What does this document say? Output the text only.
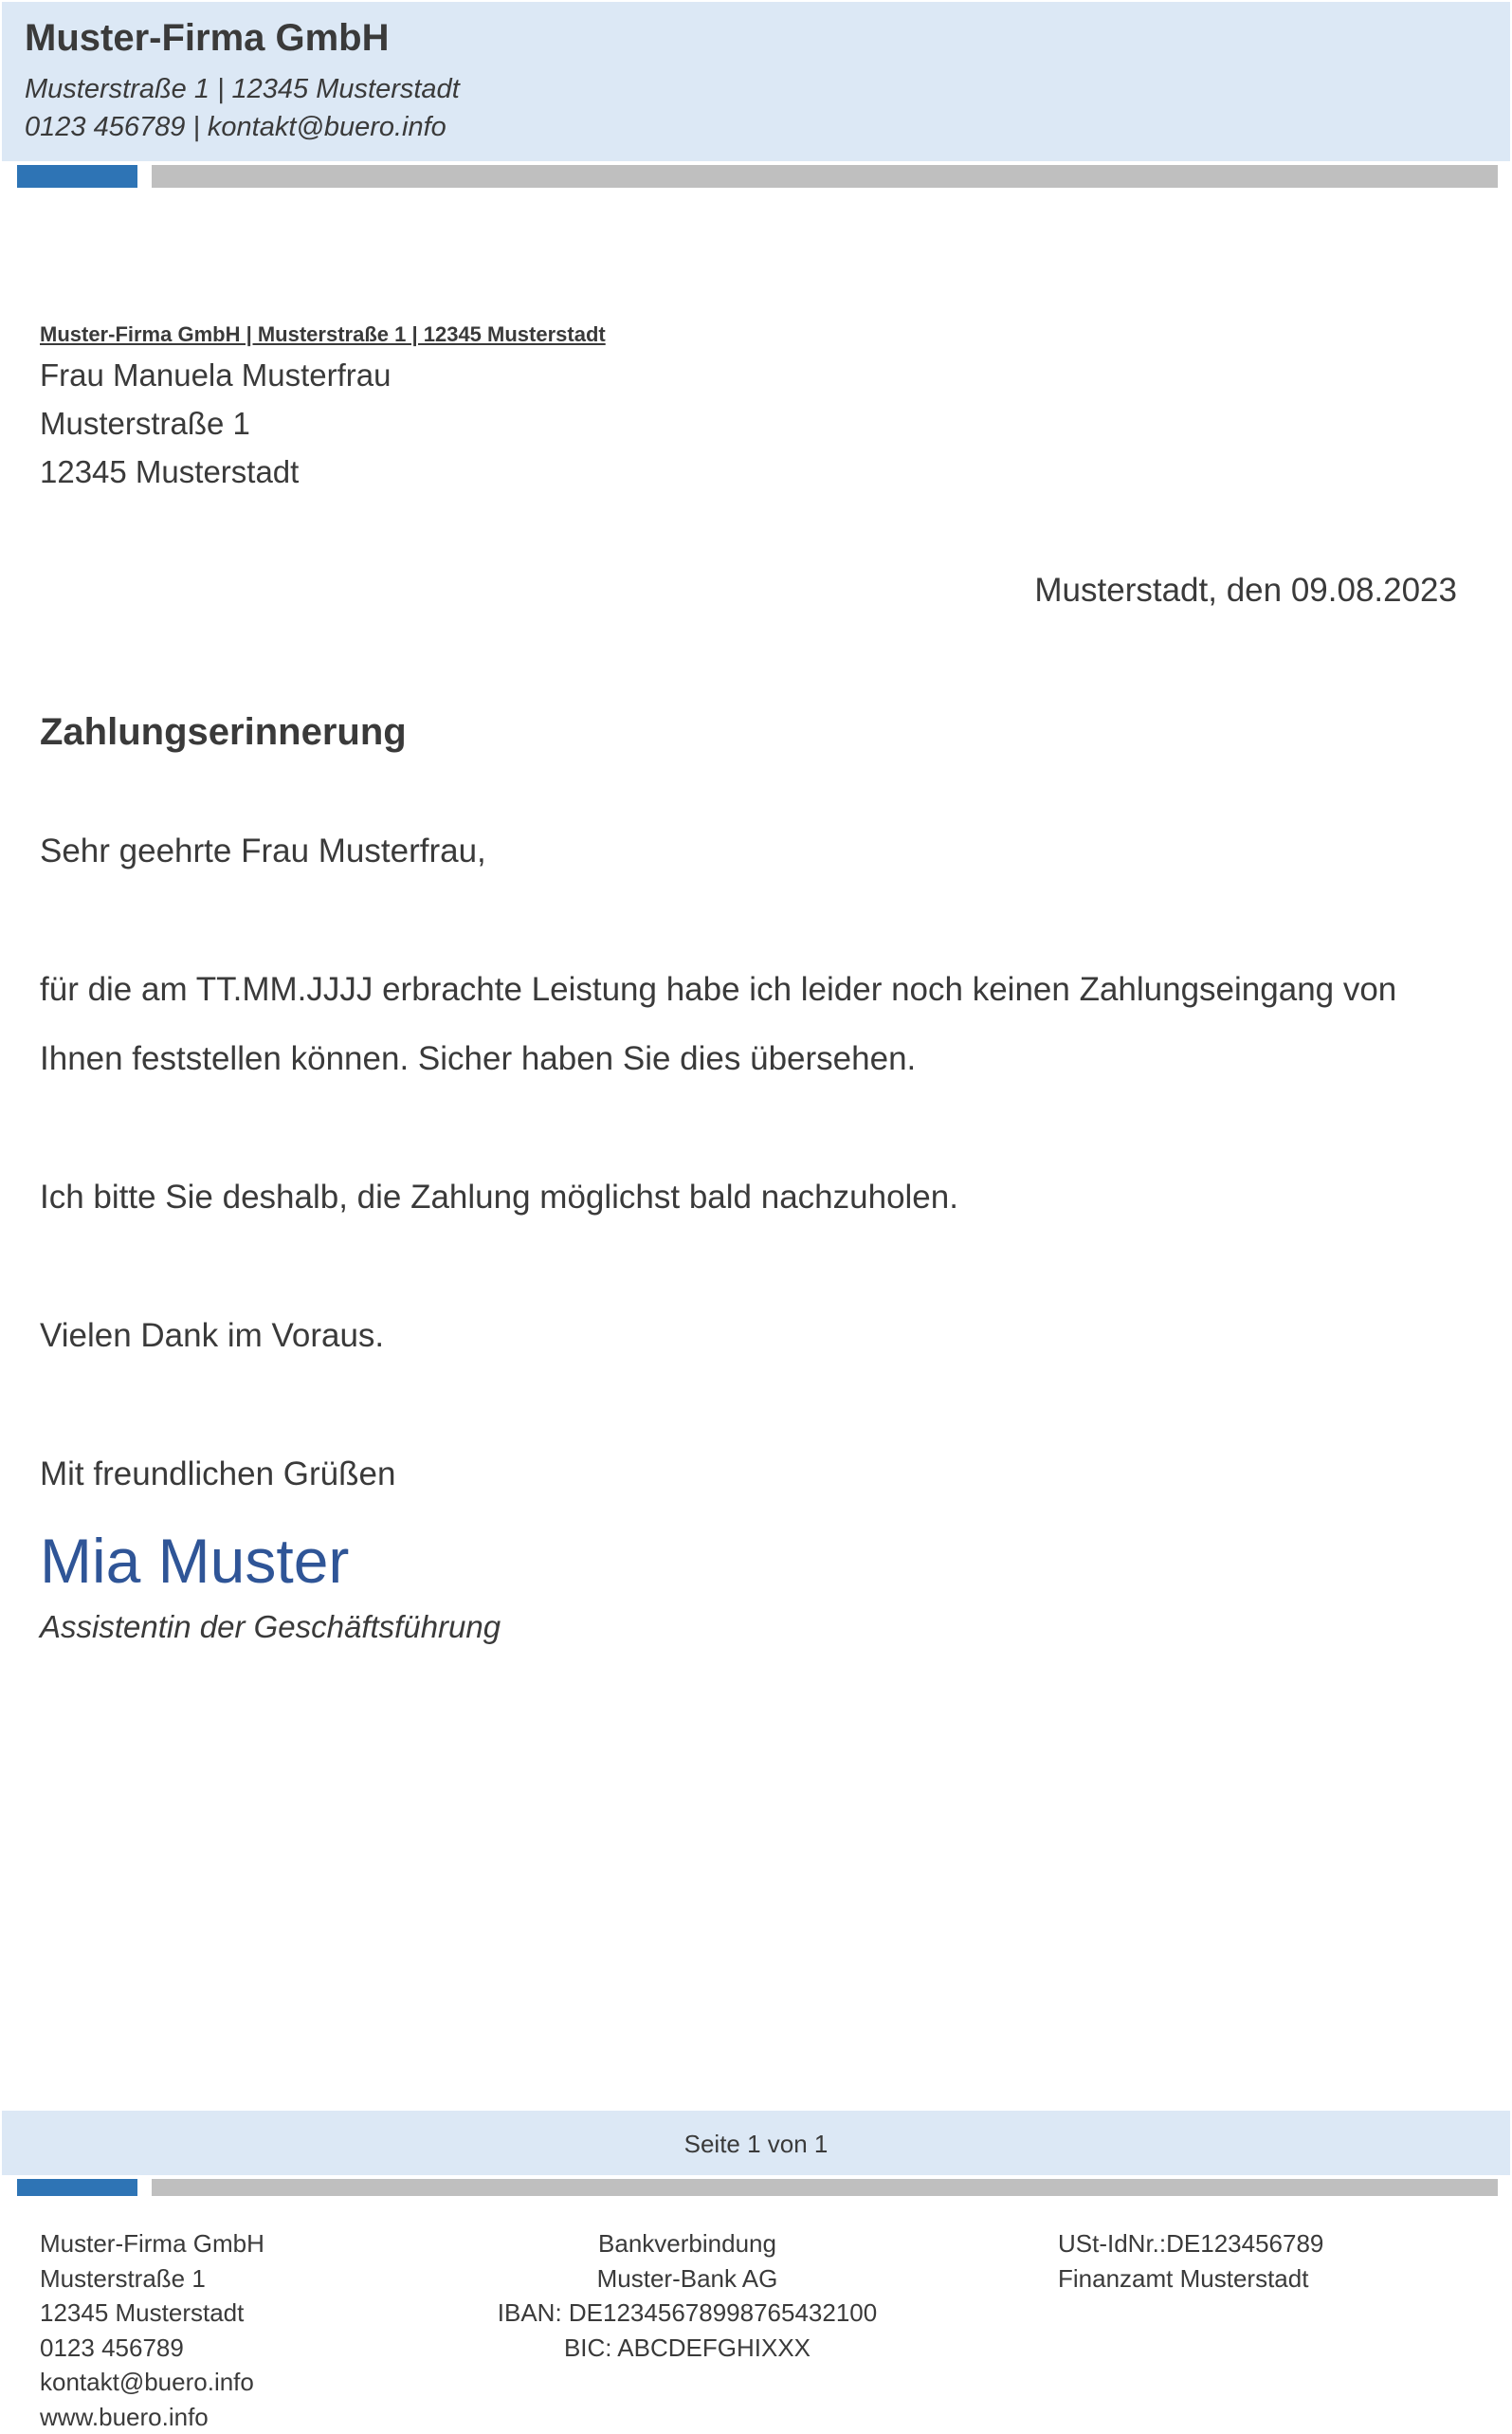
Muster-Firma GmbH
Musterstraße 1 | 12345 Musterstadt
0123 456789 | kontakt@buero.info
Muster-Firma GmbH | Musterstraße 1 | 12345 Musterstadt
Frau Manuela Musterfrau
Musterstraße 1
12345 Musterstadt
Musterstadt, den 09.08.2023
Zahlungserinnerung
Sehr geehrte Frau Musterfrau,
für die am TT.MM.JJJJ erbrachte Leistung habe ich leider noch keinen Zahlungseingang von
Ihnen feststellen können. Sicher haben Sie dies übersehen.
Ich bitte Sie deshalb, die Zahlung möglichst bald nachzuholen.
Vielen Dank im Voraus.
Mit freundlichen Grüßen
Mia Muster
Assistentin der Geschäftsführung
Seite 1 von 1
Muster-Firma GmbH
Musterstraße 1
12345 Musterstadt
0123 456789
kontakt@buero.info
www.buero.info
Bankverbindung
Muster-Bank AG
IBAN: DE12345678998765432100
BIC: ABCDEFGHIXXX
USt-IdNr.:DE123456789
Finanzamt Musterstadt
